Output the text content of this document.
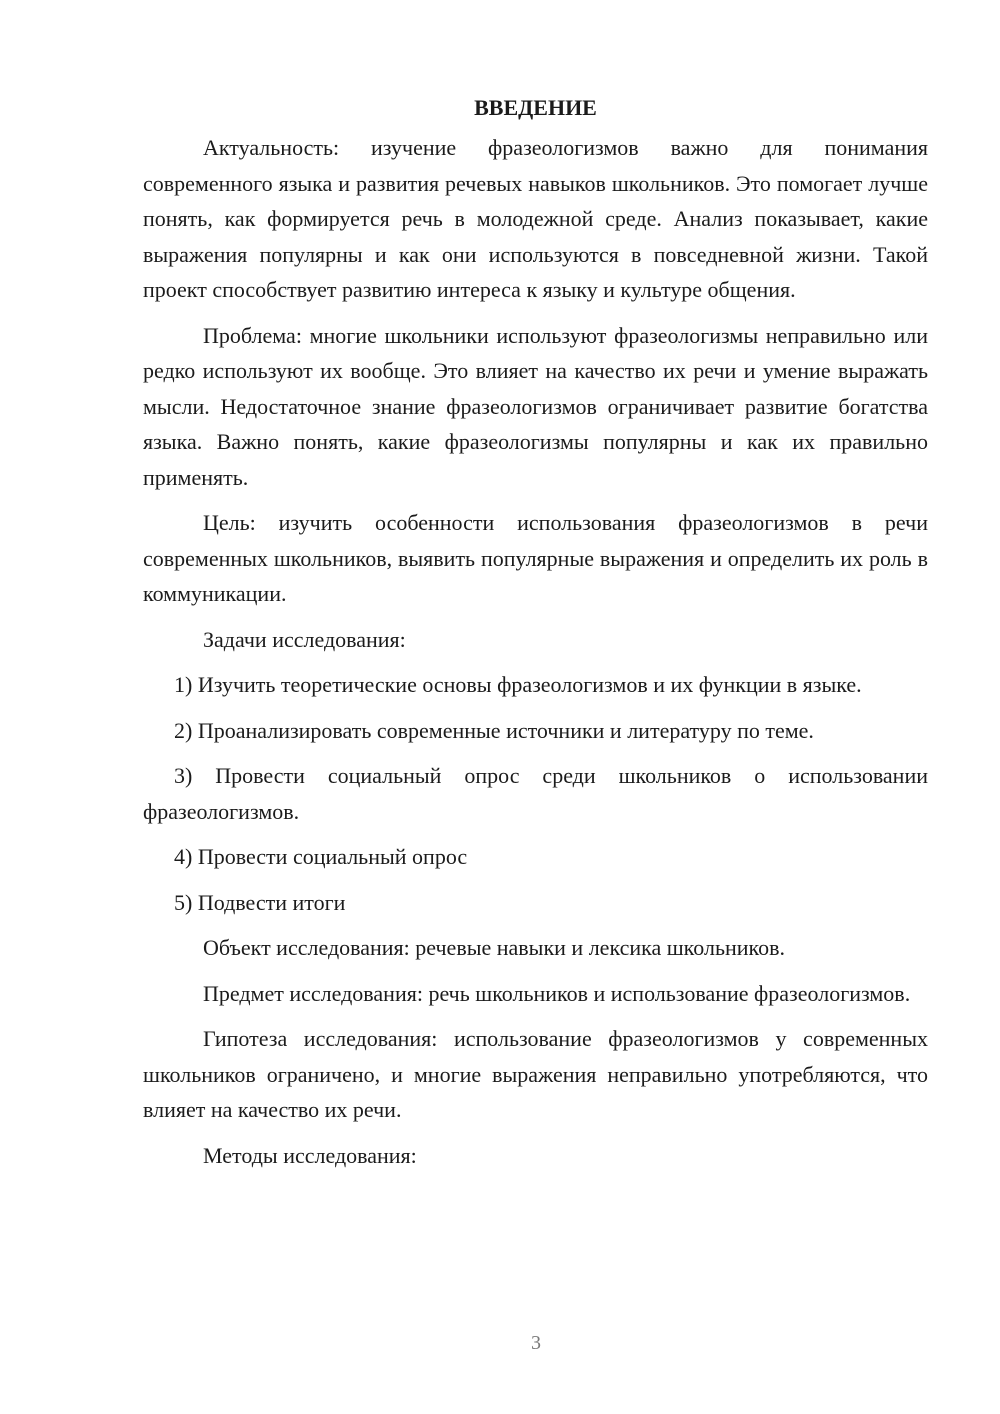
ВВЕДЕНИЕ

Актуальность: изучение фразеологизмов важно для понимания современного языка и развития речевых навыков школьников. Это помогает лучше понять, как формируется речь в молодежной среде. Анализ показывает, какие выражения популярны и как они используются в повседневной жизни. Такой проект способствует развитию интереса к языку и культуре общения.

Проблема: многие школьники используют фразеологизмы неправильно или редко используют их вообще. Это влияет на качество их речи и умение выражать мысли. Недостаточное знание фразеологизмов ограничивает развитие богатства языка. Важно понять, какие фразеологизмы популярны и как их правильно применять.

Цель: изучить особенности использования фразеологизмов в речи современных школьников, выявить популярные выражения и определить их роль в коммуникации.

Задачи исследования:

1) Изучить теоретические основы фразеологизмов и их функции в языке.

2) Проанализировать современные источники и литературу по теме.

3) Провести социальный опрос среди школьников о использовании фразеологизмов.

4) Провести социальный опрос

5) Подвести итоги

Объект исследования: речевые навыки и лексика школьников.

Предмет исследования: речь школьников и использование фразеологизмов.

Гипотеза исследования: использование фразеологизмов у современных школьников ограничено, и многие выражения неправильно употребляются, что влияет на качество их речи.

Методы исследования:

3
